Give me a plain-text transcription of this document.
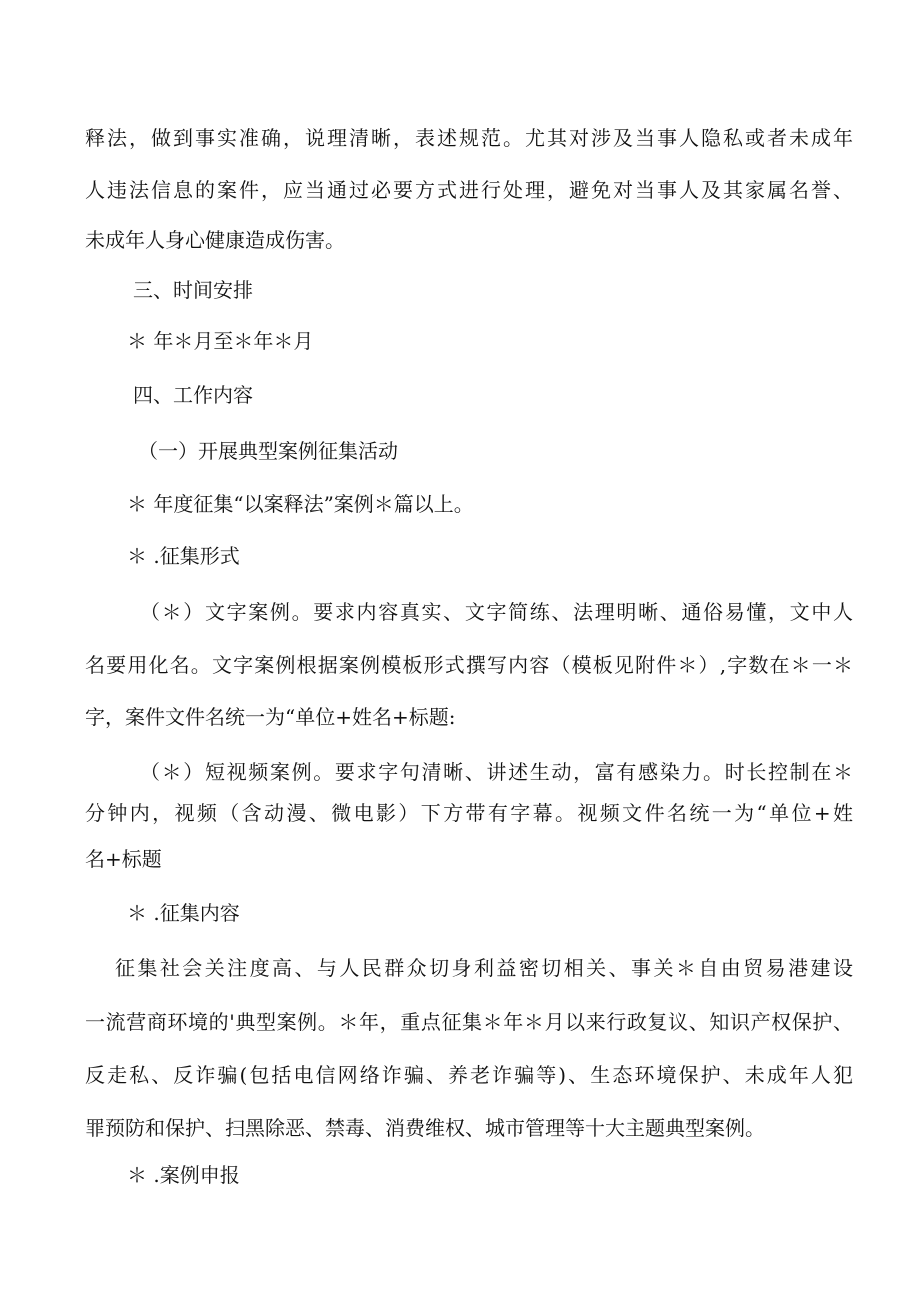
释法，做到事实准确，说理清晰，表述规范。尤其对涉及当事人隐私或者未成年
人违法信息的案件，应当通过必要方式进行处理，避免对当事人及其家属名誉、
未成年人身心健康造成伤害。
三、时间安排
＊ 年＊月至＊年＊月
四、工作内容
（一）开展典型案例征集活动
＊ 年度征集“以案释法”案例＊篇以上。
＊ .征集形式
（＊）文字案例。要求内容真实、文字简练、法理明晰、通俗易懂，文中人
名要用化名。文字案例根据案例模板形式撰写内容（模板见附件＊）,字数在＊一＊
字，案件文件名统一为“单位+姓名+标题:
（＊）短视频案例。要求字句清晰、讲述生动，富有感染力。时长控制在＊
分钟内，视频（含动漫、微电影）下方带有字幕。视频文件名统一为“单位+姓
名+标题
＊ .征集内容
征集社会关注度高、与人民群众切身利益密切相关、事关＊自由贸易港建设
一流营商环境的'典型案例。＊年，重点征集＊年＊月以来行政复议、知识产权保护、
反走私、反诈骗(包括电信网络诈骗、养老诈骗等)、生态环境保护、未成年人犯
罪预防和保护、扫黑除恶、禁毒、消费维权、城市管理等十大主题典型案例。
＊ .案例申报
